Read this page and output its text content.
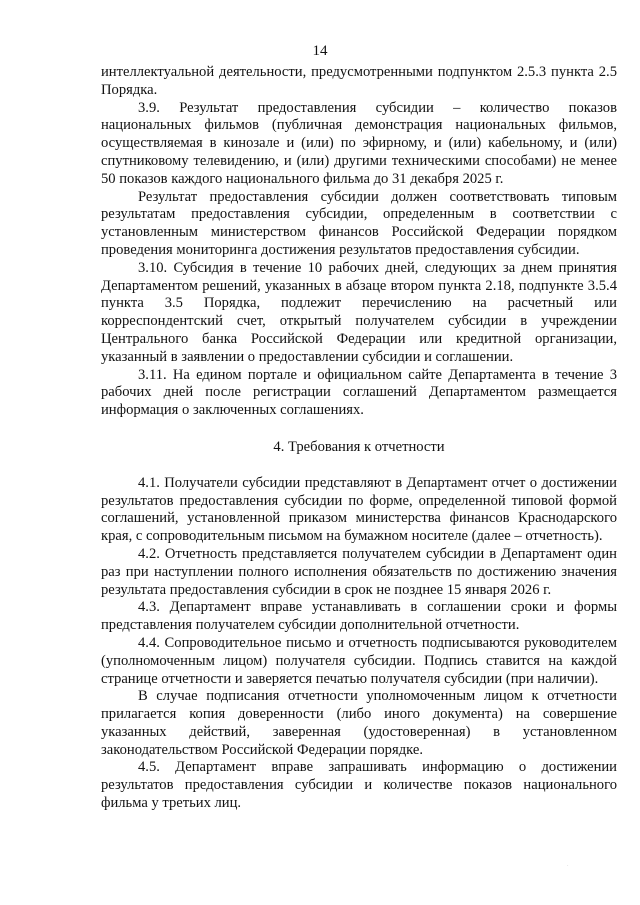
14

интеллектуальной деятельности, предусмотренными подпунктом 2.5.3 пункта 2.5 Порядка.

3.9. Результат предоставления субсидии – количество показов национальных фильмов (публичная демонстрация национальных фильмов, осуществляемая в кинозале и (или) по эфирному, и (или) кабельному, и (или) спутниковому телевидению, и (или) другими техническими способами) не менее 50 показов каждого национального фильма до 31 декабря 2025 г.

Результат предоставления субсидии должен соответствовать типовым результатам предоставления субсидии, определенным в соответствии с установленным министерством финансов Российской Федерации порядком проведения мониторинга достижения результатов предоставления субсидии.

3.10. Субсидия в течение 10 рабочих дней, следующих за днем принятия Департаментом решений, указанных в абзаце втором пункта 2.18, подпункте 3.5.4 пункта 3.5 Порядка, подлежит перечислению на расчетный или корреспондентский счет, открытый получателем субсидии в учреждении Центрального банка Российской Федерации или кредитной организации, указанный в заявлении о предоставлении субсидии и соглашении.

3.11. На едином портале и официальном сайте Департамента в течение 3 рабочих дней после регистрации соглашений Департаментом размещается информация о заключенных соглашениях.

4. Требования к отчетности

4.1. Получатели субсидии представляют в Департамент отчет о достижении результатов предоставления субсидии по форме, определенной типовой формой соглашений, установленной приказом министерства финансов Краснодарского края, с сопроводительным письмом на бумажном носителе (далее – отчетность).

4.2. Отчетность представляется получателем субсидии в Департамент один раз при наступлении полного исполнения обязательств по достижению значения результата предоставления субсидии в срок не позднее 15 января 2026 г.

4.3. Департамент вправе устанавливать в соглашении сроки и формы представления получателем субсидии дополнительной отчетности.

4.4. Сопроводительное письмо и отчетность подписываются руководителем (уполномоченным лицом) получателя субсидии. Подпись ставится на каждой странице отчетности и заверяется печатью получателя субсидии (при наличии).

В случае подписания отчетности уполномоченным лицом к отчетности прилагается копия доверенности (либо иного документа) на совершение указанных действий, заверенная (удостоверенная) в установленном законодательством Российской Федерации порядке.

4.5. Департамент вправе запрашивать информацию о достижении результатов предоставления субсидии и количестве показов национального фильма у третьих лиц.

.
